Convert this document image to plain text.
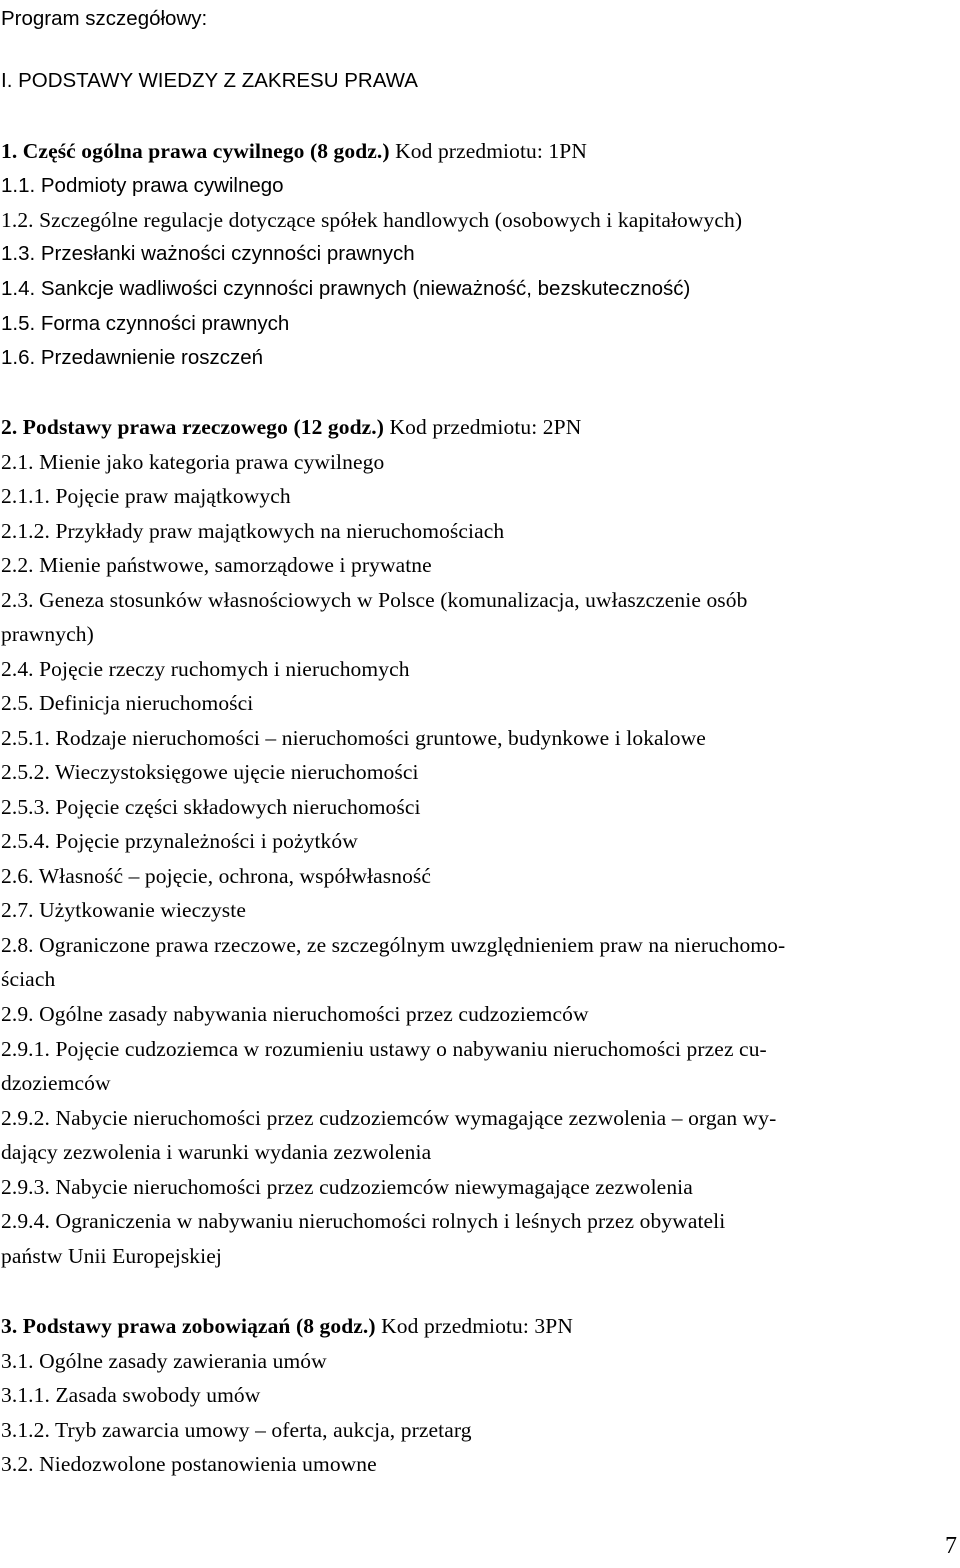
Program szczegółowy:
I. PODSTAWY WIEDZY Z ZAKRESU PRAWA
1. Część ogólna prawa cywilnego (8 godz.) Kod przedmiotu: 1PN
1.1. Podmioty prawa cywilnego
1.2. Szczególne regulacje dotyczące spółek handlowych (osobowych i kapitałowych)
1.3. Przesłanki ważności czynności prawnych
1.4. Sankcje wadliwości czynności prawnych (nieważność, bezskuteczność)
1.5. Forma czynności prawnych
1.6. Przedawnienie roszczeń
2. Podstawy prawa rzeczowego (12 godz.) Kod przedmiotu: 2PN
2.1. Mienie jako kategoria prawa cywilnego
2.1.1. Pojęcie praw majątkowych
2.1.2. Przykłady praw majątkowych na nieruchomościach
2.2. Mienie państwowe, samorządowe i prywatne
2.3. Geneza stosunków własnościowych w Polsce (komunalizacja, uwłaszczenie osób
prawnych)
2.4. Pojęcie rzeczy ruchomych i nieruchomych
2.5. Definicja nieruchomości
2.5.1. Rodzaje nieruchomości – nieruchomości gruntowe, budynkowe i lokalowe
2.5.2. Wieczystoksięgowe ujęcie nieruchomości
2.5.3. Pojęcie części składowych nieruchomości
2.5.4. Pojęcie przynależności i pożytków
2.6. Własność – pojęcie, ochrona, współwłasność
2.7. Użytkowanie wieczyste
2.8. Ograniczone prawa rzeczowe, ze szczególnym uwzględnieniem praw na nieruchomo-
ściach
2.9. Ogólne zasady nabywania nieruchomości przez cudzoziemców
2.9.1. Pojęcie cudzoziemca w rozumieniu ustawy o nabywaniu nieruchomości przez cu-
dzoziemców
2.9.2. Nabycie nieruchomości przez cudzoziemców wymagające zezwolenia – organ wy-
dający zezwolenia i warunki wydania zezwolenia
2.9.3. Nabycie nieruchomości przez cudzoziemców niewymagające zezwolenia
2.9.4. Ograniczenia w nabywaniu nieruchomości rolnych i leśnych przez obywateli
państw Unii Europejskiej
3. Podstawy prawa zobowiązań (8 godz.) Kod przedmiotu: 3PN
3.1. Ogólne zasady zawierania umów
3.1.1. Zasada swobody umów
3.1.2. Tryb zawarcia umowy – oferta, aukcja, przetarg
3.2. Niedozwolone postanowienia umowne
7
